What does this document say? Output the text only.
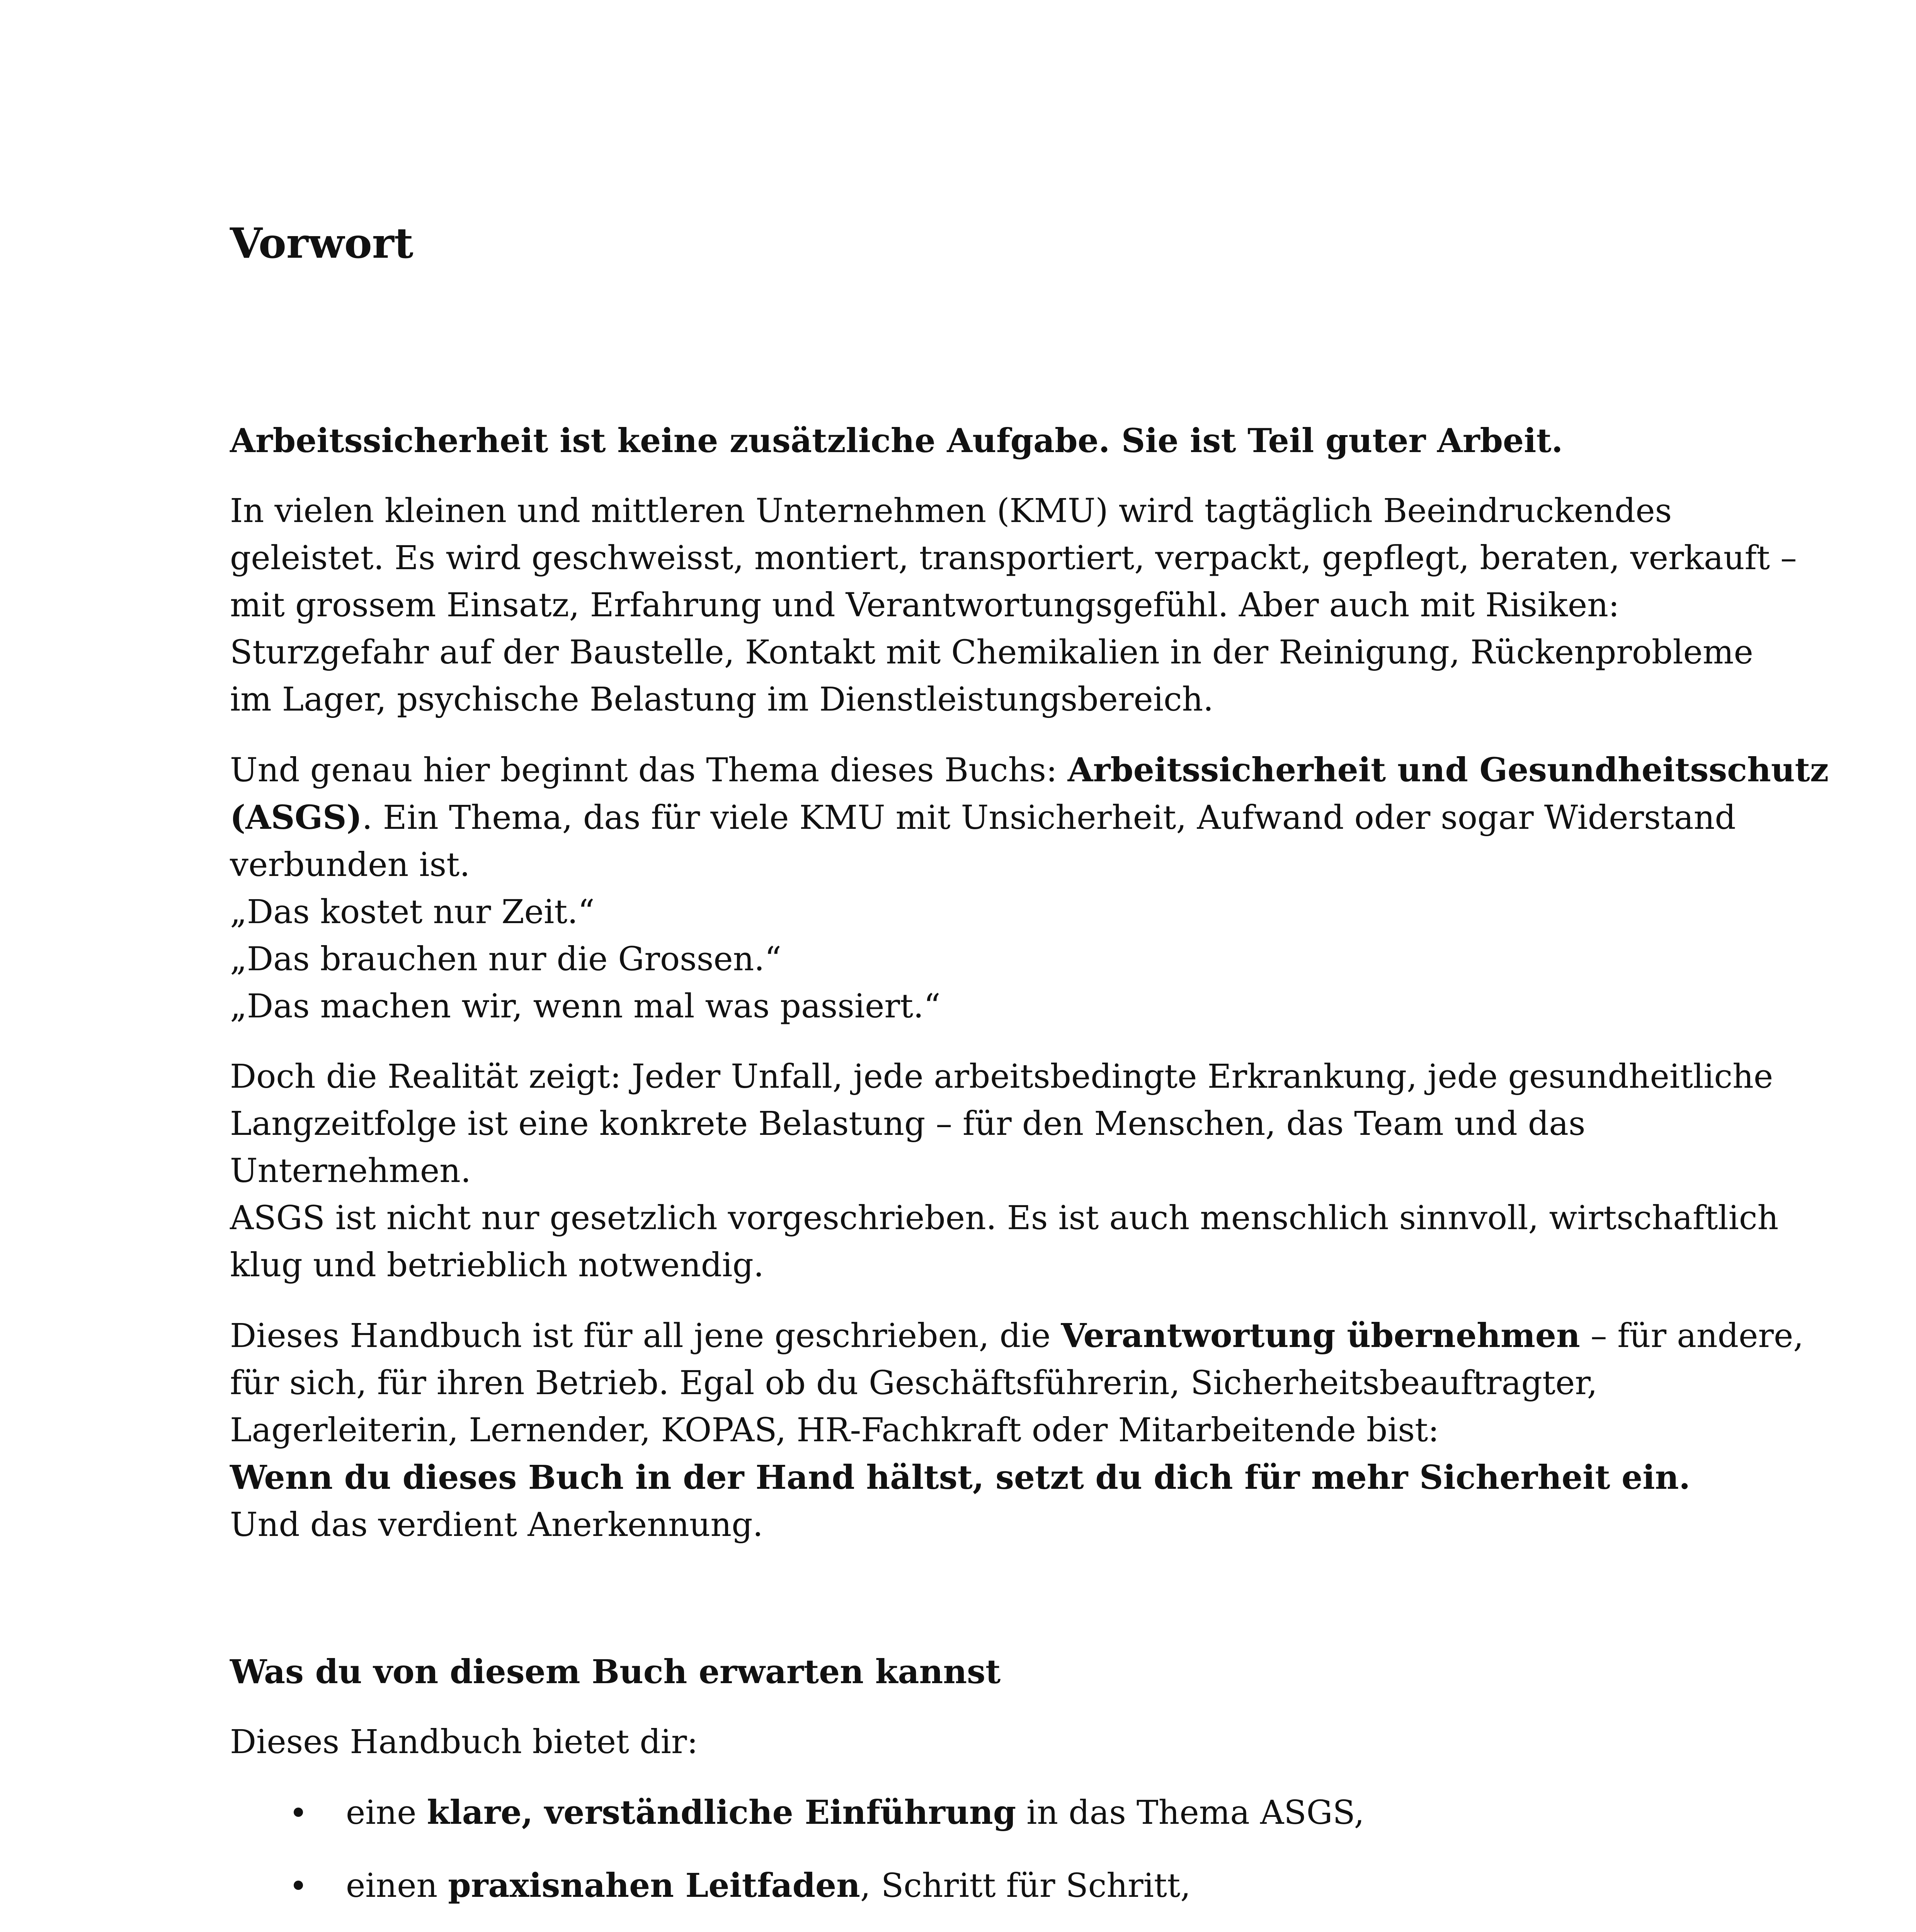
Vorwort

Arbeitssicherheit ist keine zusätzliche Aufgabe. Sie ist Teil guter Arbeit.

In vielen kleinen und mittleren Unternehmen (KMU) wird tagtäglich Beeindruckendes
geleistet. Es wird geschweisst, montiert, transportiert, verpackt, gepflegt, beraten, verkauft –
mit grossem Einsatz, Erfahrung und Verantwortungsgefühl. Aber auch mit Risiken:
Sturzgefahr auf der Baustelle, Kontakt mit Chemikalien in der Reinigung, Rückenprobleme
im Lager, psychische Belastung im Dienstleistungsbereich.

Und genau hier beginnt das Thema dieses Buchs: Arbeitssicherheit und Gesundheitsschutz
(ASGS). Ein Thema, das für viele KMU mit Unsicherheit, Aufwand oder sogar Widerstand
verbunden ist.
„Das kostet nur Zeit.“
„Das brauchen nur die Grossen.“
„Das machen wir, wenn mal was passiert.“

Doch die Realität zeigt: Jeder Unfall, jede arbeitsbedingte Erkrankung, jede gesundheitliche
Langzeitfolge ist eine konkrete Belastung – für den Menschen, das Team und das
Unternehmen.
ASGS ist nicht nur gesetzlich vorgeschrieben. Es ist auch menschlich sinnvoll, wirtschaftlich
klug und betrieblich notwendig.

Dieses Handbuch ist für all jene geschrieben, die Verantwortung übernehmen – für andere,
für sich, für ihren Betrieb. Egal ob du Geschäftsführerin, Sicherheitsbeauftragter,
Lagerleiterin, Lernender, KOPAS, HR-Fachkraft oder Mitarbeitende bist:
Wenn du dieses Buch in der Hand hältst, setzt du dich für mehr Sicherheit ein.
Und das verdient Anerkennung.

Was du von diesem Buch erwarten kannst

Dieses Handbuch bietet dir:

eine klare, verständliche Einführung in das Thema ASGS,
einen praxisnahen Leitfaden, Schritt für Schritt,
